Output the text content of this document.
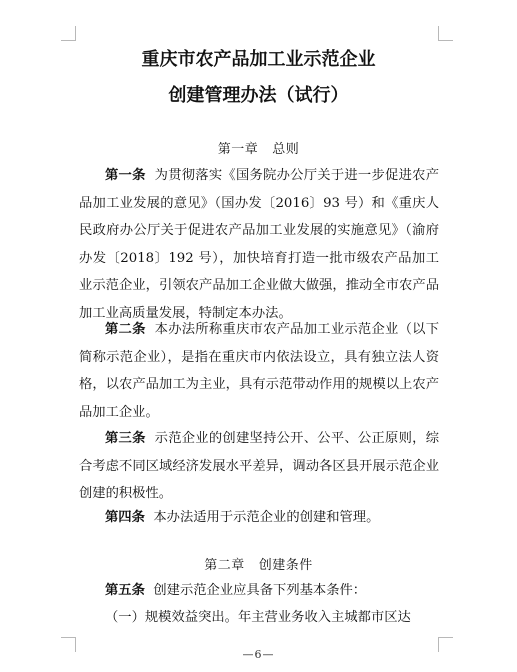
重庆市农产品加工业示范企业
创建管理办法（试行）
第一章 总则

第一条 为贯彻落实《国务院办公厅关于进一步促进农产品加工业发展的意见》（国办发〔2016〕93 号）和《重庆人民政府办公厅关于促进农产品加工业发展的实施意见》（渝府办发〔2018〕192 号），加快培育打造一批市级农产品加工业示范企业，引领农产品加工企业做大做强，推动全市农产品加工业高质量发展，特制定本办法。

第二条 本办法所称重庆市农产品加工业示范企业（以下简称示范企业），是指在重庆市内依法设立，具有独立法人资格，以农产品加工为主业，具有示范带动作用的规模以上农产品加工企业。

第三条 示范企业的创建坚持公开、公平、公正原则，综合考虑不同区域经济发展水平差异，调动各区县开展示范企业创建的积极性。

第四条 本办法适用于示范企业的创建和管理。

第二章 创建条件

第五条 创建示范企业应具备下列基本条件：

（一）规模效益突出。年主营业务收入主城都市区达

—6—
